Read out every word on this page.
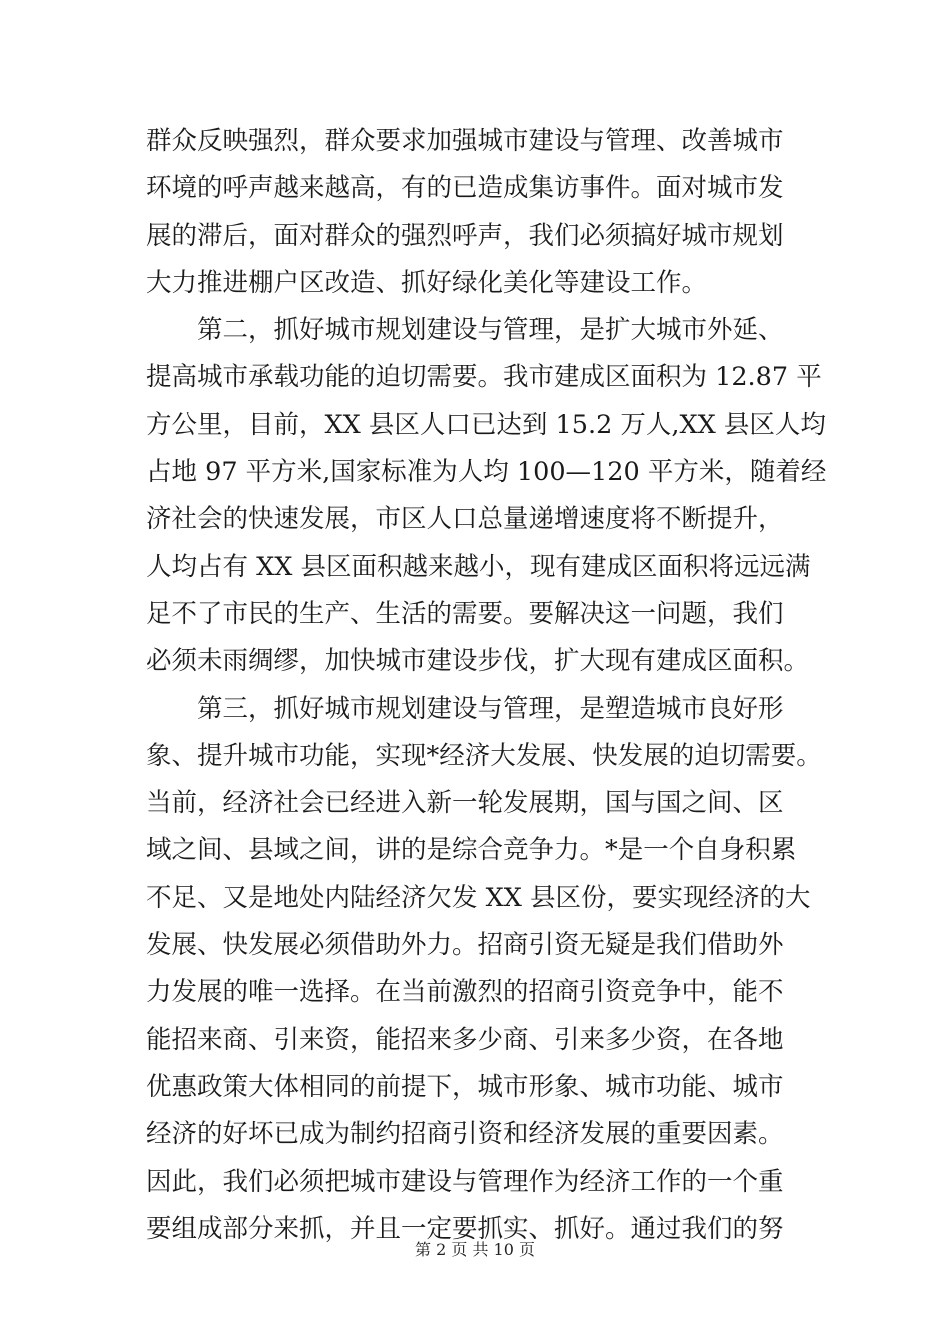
群众反映强烈，群众要求加强城市建设与管理、改善城市
环境的呼声越来越高，有的已造成集访事件。面对城市发
展的滞后，面对群众的强烈呼声，我们必须搞好城市规划
大力推进棚户区改造、抓好绿化美化等建设工作。
　　第二，抓好城市规划建设与管理，是扩大城市外延、
提高城市承载功能的迫切需要。我市建成区面积为 12.87 平
方公里，目前，XX 县区人口已达到 15.2 万人,XX 县区人均
占地 97 平方米,国家标准为人均 100—120 平方米，随着经
济社会的快速发展，市区人口总量递增速度将不断提升，
人均占有 XX 县区面积越来越小，现有建成区面积将远远满
足不了市民的生产、生活的需要。要解决这一问题，我们
必须未雨绸缪，加快城市建设步伐，扩大现有建成区面积。
　　第三，抓好城市规划建设与管理，是塑造城市良好形
象、提升城市功能，实现*经济大发展、快发展的迫切需要。
当前，经济社会已经进入新一轮发展期，国与国之间、区
域之间、县域之间，讲的是综合竞争力。*是一个自身积累
不足、又是地处内陆经济欠发 XX 县区份，要实现经济的大
发展、快发展必须借助外力。招商引资无疑是我们借助外
力发展的唯一选择。在当前激烈的招商引资竞争中，能不
能招来商、引来资，能招来多少商、引来多少资，在各地
优惠政策大体相同的前提下，城市形象、城市功能、城市
经济的好坏已成为制约招商引资和经济发展的重要因素。
因此，我们必须把城市建设与管理作为经济工作的一个重
要组成部分来抓，并且一定要抓实、抓好。通过我们的努
第 2 页 共 10 页
